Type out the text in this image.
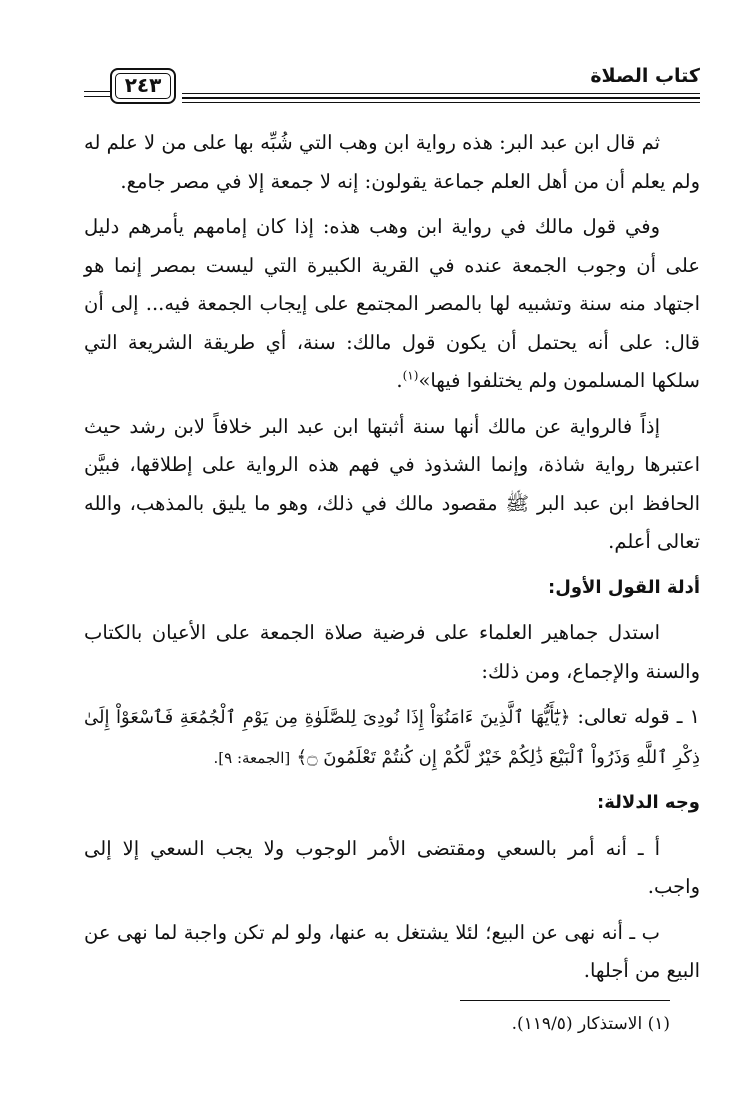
كتاب الصلاة
٢٤٣

ثم قال ابن عبد البر: هذه رواية ابن وهب التي شُبِّه بها على من لا علم له ولم يعلم أن من أهل العلم جماعة يقولون: إنه لا جمعة إلا في مصر جامع.

وفي قول مالك في رواية ابن وهب هذه: إذا كان إمامهم يأمرهم دليل على أن وجوب الجمعة عنده في القرية الكبيرة التي ليست بمصر إنما هو اجتهاد منه سنة وتشبيه لها بالمصر المجتمع على إيجاب الجمعة فيه... إلى أن قال: على أنه يحتمل أن يكون قول مالك: سنة، أي طريقة الشريعة التي سلكها المسلمون ولم يختلفوا فيها»$^{(١)}$.

إذاً فالرواية عن مالك أنها سنة أثبتها ابن عبد البر خلافاً لابن رشد حيث اعتبرها رواية شاذة، وإنما الشذوذ في فهم هذه الرواية على إطلاقها، فبيَّن الحافظ ابن عبد البر ﷺ مقصود مالك في ذلك، وهو ما يليق بالمذهب، والله تعالى أعلم.

أدلة القول الأول:

استدل جماهير العلماء على فرضية صلاة الجمعة على الأعيان بالكتاب والسنة والإجماع، ومن ذلك:

١ ـ قوله تعالى: ﴿يَٰٓأَيُّهَا ٱلَّذِينَ ءَامَنُوٓاْ إِذَا نُودِىَ لِلصَّلَوٰةِ مِن يَوْمِ ٱلْجُمُعَةِ فَٱسْعَوْاْ إِلَىٰ ذِكْرِ ٱللَّهِ وَذَرُواْ ٱلْبَيْعَ ذَٰلِكُمْ خَيْرٌ لَّكُمْ إِن كُنتُمْ تَعْلَمُونَ ۝﴾ [الجمعة: ٩].

وجه الدلالة:

أ ـ أنه أمر بالسعي ومقتضى الأمر الوجوب ولا يجب السعي إلا إلى واجب.

ب ـ أنه نهى عن البيع؛ لئلا يشتغل به عنها، ولو لم تكن واجبة لما نهى عن البيع من أجلها.

(١) الاستذكار (١١٩/٥).
